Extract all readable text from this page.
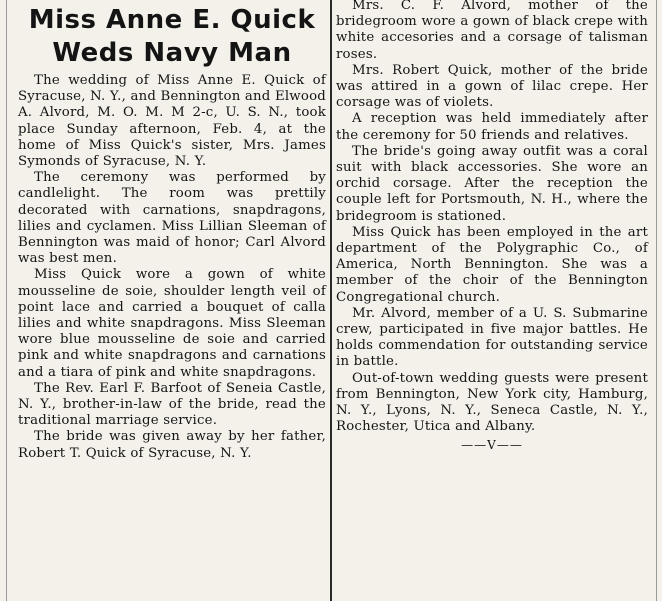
Miss Anne E. Quick
Weds Navy Man

The wedding of Miss Anne E. Quick of Syracuse, N. Y., and Bennington and Elwood A. Alvord, M. O. M. M 2-c, U. S. N., took place Sunday afternoon, Feb. 4, at the home of Miss Quick's sister, Mrs. James Symonds of Syracuse, N. Y.

The ceremony was performed by candlelight. The room was prettily decorated with carnations, snapdragons, lilies and cyclamen. Miss Lillian Sleeman of Bennington was maid of honor; Carl Alvord was best men.

Miss Quick wore a gown of white mousseline de soie, shoulder length veil of point lace and carried a bouquet of calla lilies and white snapdragons. Miss Sleeman wore blue mousseline de soie and carried pink and white snapdragons and carnations and a tiara of pink and white snapdragons.

The Rev. Earl F. Barfoot of Seneia Castle, N. Y., brother-in-law of the bride, read the traditional marriage service.

The bride was given away by her father, Robert T. Quick of Syracuse, N. Y.

Mrs. C. F. Alvord, mother of the bridegroom wore a gown of black crepe with white accesories and a corsage of talisman roses.

Mrs. Robert Quick, mother of the bride was attired in a gown of lilac crepe. Her corsage was of violets.

A reception was held immediately after the ceremony for 50 friends and relatives.

The bride's going away outfit was a coral suit with black accessories. She wore an orchid corsage. After the reception the couple left for Portsmouth, N. H., where the bridegroom is stationed.

Miss Quick has been employed in the art department of the Polygraphic Co., of America, North Bennington. She was a member of the choir of the Bennington Congregational church.

Mr. Alvord, member of a U. S. Submarine crew, participated in five major battles. He holds commendation for outstanding service in battle.

Out-of-town wedding guests were present from Bennington, New York city, Hamburg, N. Y., Lyons, N. Y., Seneca Castle, N. Y., Rochester, Utica and Albany.

——V——
